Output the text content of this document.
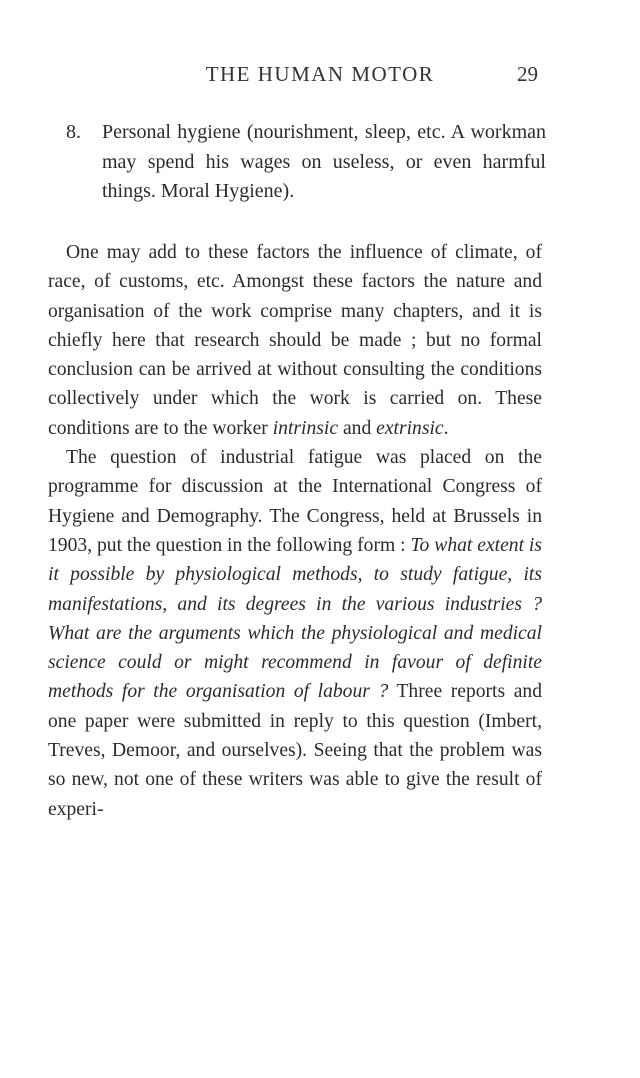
THE HUMAN MOTOR	29
8. Personal hygiene (nourishment, sleep, etc. A workman may spend his wages on useless, or even harmful things. Moral Hygiene).

One may add to these factors the influence of climate, of race, of customs, etc. Amongst these factors the nature and organisation of the work comprise many chapters, and it is chiefly here that research should be made ; but no formal conclusion can be arrived at without consulting the conditions collectively under which the work is carried on. These conditions are to the worker intrinsic and extrinsic.

The question of industrial fatigue was placed on the programme for discussion at the International Congress of Hygiene and Demography. The Congress, held at Brussels in 1903, put the question in the following form : To what extent is it possible by physiological methods, to study fatigue, its manifestations, and its degrees in the various industries ? What are the arguments which the physiological and medical science could or might recommend in favour of definite methods for the organisation of labour ? Three reports and one paper were submitted in reply to this question (Imbert, Treves, Demoor, and ourselves). Seeing that the problem was so new, not one of these writers was able to give the result of experi-
